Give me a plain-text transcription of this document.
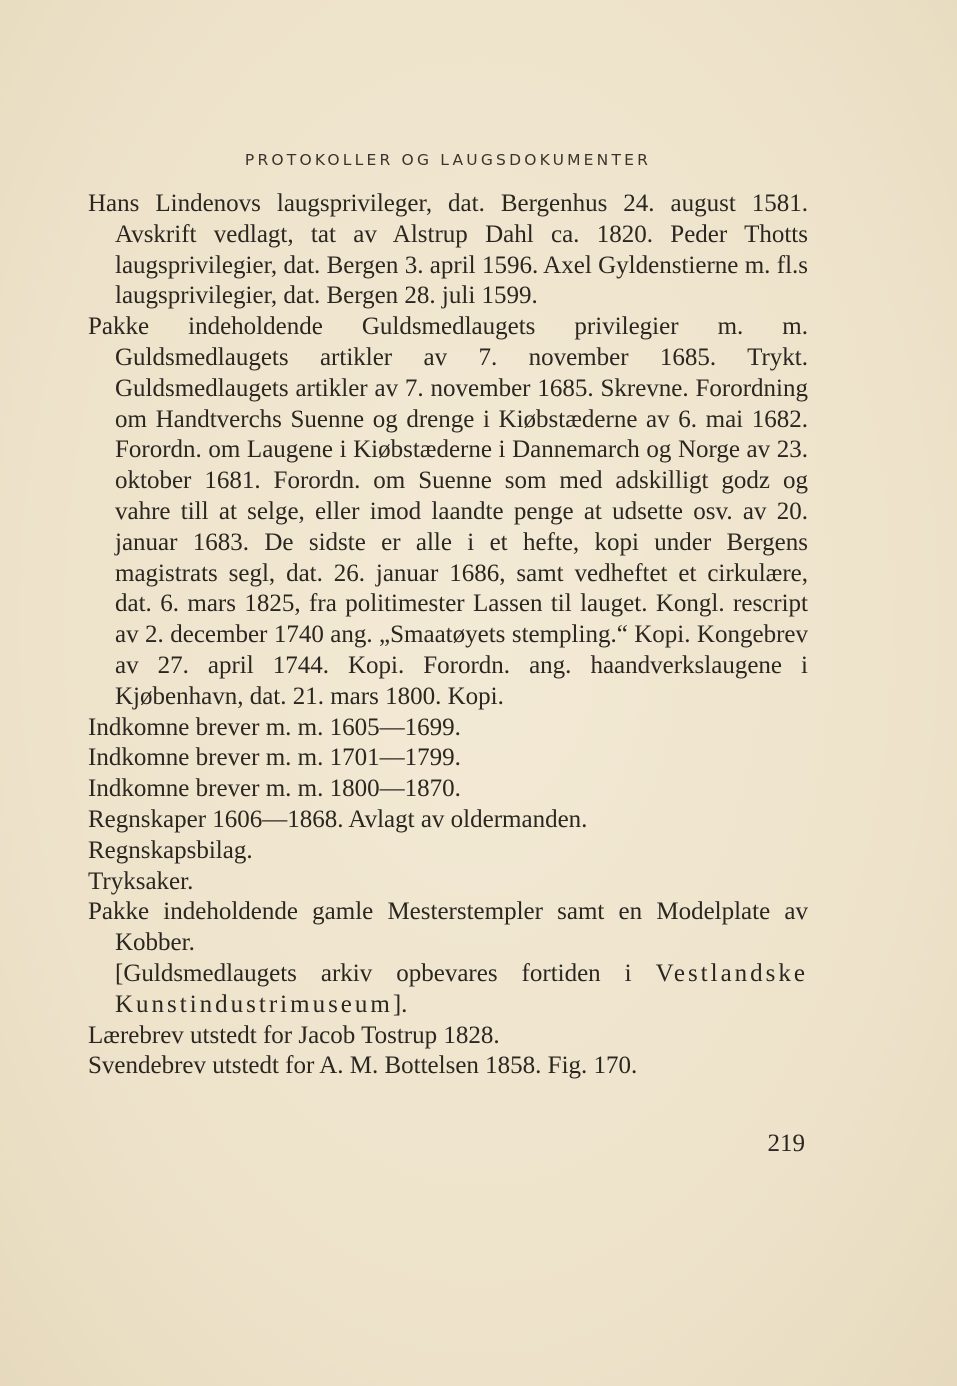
PROTOKOLLER OG LAUGSDOKUMENTER

Hans Lindenovs laugsprivileger, dat. Bergenhus 24. august 1581. Avskrift vedlagt, tat av Alstrup Dahl ca. 1820. Peder Thotts laugsprivilegier, dat. Bergen 3. april 1596. Axel Gyldenstierne m. fl.s laugsprivilegier, dat. Bergen 28. juli 1599.

Pakke indeholdende Guldsmedlaugets privilegier m. m. Guldsmedlaugets artikler av 7. november 1685. Trykt. Guldsmedlaugets artikler av 7. november 1685. Skrevne. Forordning om Handtverchs Suenne og drenge i Kiøbstæderne av 6. mai 1682. Forordn. om Laugene i Kiøbstæderne i Dannemarch og Norge av 23. oktober 1681. Forordn. om Suenne som med adskilligt godz og vahre till at selge, eller imod laandte penge at udsette osv. av 20. januar 1683. De sidste er alle i et hefte, kopi under Bergens magistrats segl, dat. 26. januar 1686, samt vedheftet et cirkulære, dat. 6. mars 1825, fra politimester Lassen til lauget. Kongl. rescript av 2. december 1740 ang. „Smaatøyets stempling.“ Kopi. Kongebrev av 27. april 1744. Kopi. Forordn. ang. haandverkslaugene i Kjøbenhavn, dat. 21. mars 1800. Kopi.

Indkomne brever m. m. 1605—1699.

Indkomne brever m. m. 1701—1799.

Indkomne brever m. m. 1800—1870.

Regnskaper 1606—1868. Avlagt av oldermanden.

Regnskapsbilag.

Tryksaker.

Pakke indeholdende gamle Mesterstempler samt en Modelplate av Kobber.

[Guldsmedlaugets arkiv opbevares fortiden i Vestlandske Kunstindustrimuseum].

Lærebrev utstedt for Jacob Tostrup 1828.

Svendebrev utstedt for A. M. Bottelsen 1858. Fig. 170.

219
